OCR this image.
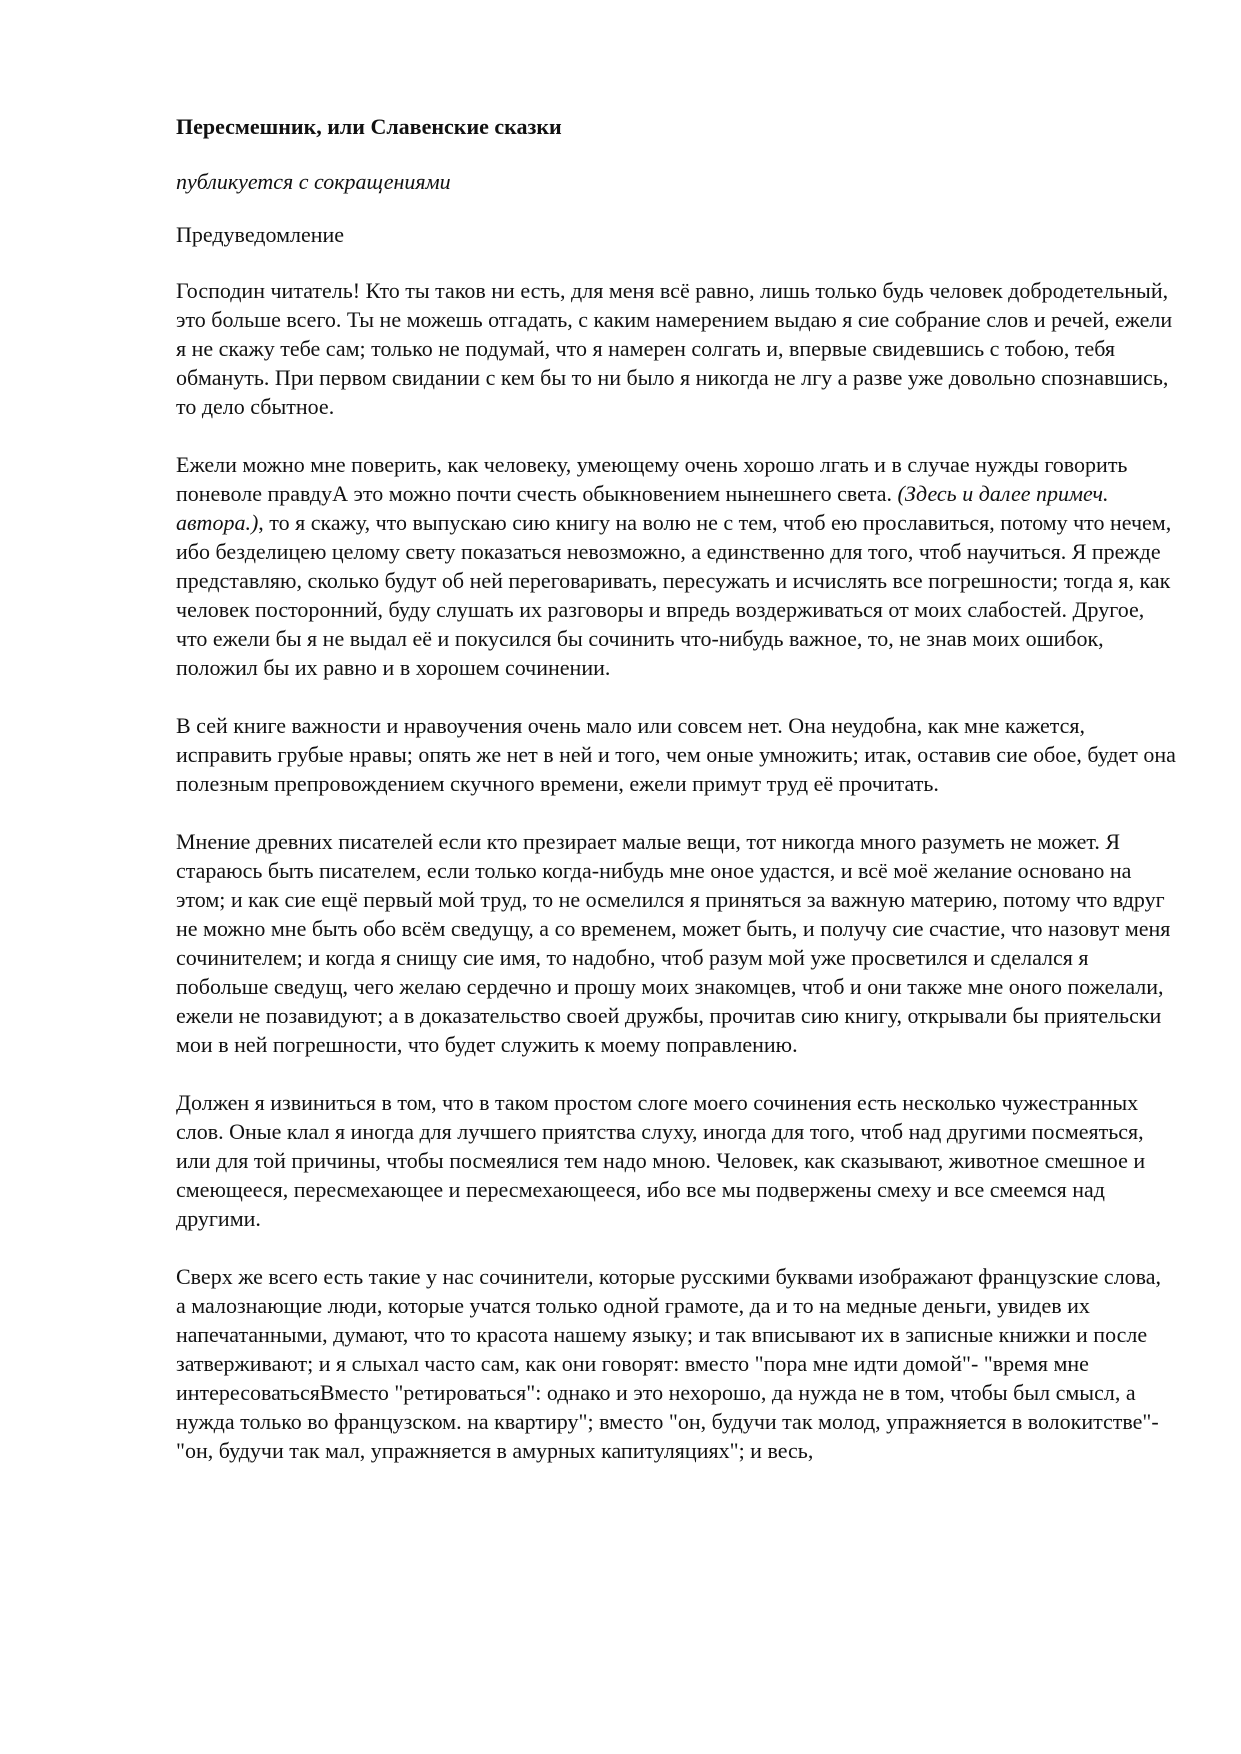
Пересмешник, или Славенские сказки
публикуется с сокращениями
Предуведомление

Господин читатель! Кто ты таков ни есть, для меня всё равно, лишь только будь человек добродетельный, это больше всего. Ты не можешь отгадать, с каким намерением выдаю я сие собрание слов и речей, ежели я не скажу тебе сам; только не подумай, что я намерен солгать и, впервые свидевшись с тобою, тебя обмануть. При первом свидании с кем бы то ни было я никогда не лгу а разве уже довольно спознавшись, то дело сбытное.

Ежели можно мне поверить, как человеку, умеющему очень хорошо лгать и в случае нужды говорить поневоле правдуА это можно почти счесть обыкновением нынешнего света. (Здесь и далее примеч. автора.), то я скажу, что выпускаю сию книгу на волю не с тем, чтоб ею прославиться, потому что нечем, ибо безделицею целому свету показаться невозможно, а единственно для того, чтоб научиться. Я прежде представляю, сколько будут об ней переговаривать, пересужать и исчислять все погрешности; тогда я, как человек посторонний, буду слушать их разговоры и впредь воздерживаться от моих слабостей. Другое, что ежели бы я не выдал её и покусился бы сочинить что-нибудь важное, то, не знав моих ошибок, положил бы их равно и в хорошем сочинении.

В сей книге важности и нравоучения очень мало или совсем нет. Она неудобна, как мне кажется, исправить грубые нравы; опять же нет в ней и того, чем оные умножить; итак, оставив сие обое, будет она полезным препровождением скучного времени, ежели примут труд её прочитать.

Мнение древних писателей если кто презирает малые вещи, тот никогда много разуметь не может. Я стараюсь быть писателем, если только когда-нибудь мне оное удастся, и всё моё желание основано на этом; и как сие ещё первый мой труд, то не осмелился я приняться за важную материю, потому что вдруг не можно мне быть обо всём сведущу, а со временем, может быть, и получу сие счастие, что назовут меня сочинителем; и когда я снищу сие имя, то надобно, чтоб разум мой уже просветился и сделался я побольше сведущ, чего желаю сердечно и прошу моих знакомцев, чтоб и они также мне оного пожелали, ежели не позавидуют; а в доказательство своей дружбы, прочитав сию книгу, открывали бы приятельски мои в ней погрешности, что будет служить к моему поправлению.

Должен я извиниться в том, что в таком простом слоге моего сочинения есть несколько чужестранных слов. Оные клал я иногда для лучшего приятства слуху, иногда для того, чтоб над другими посмеяться, или для той причины, чтобы посмеялися тем надо мною. Человек, как сказывают, животное смешное и смеющееся, пересмехающее и пересмехающееся, ибо все мы подвержены смеху и все смеемся над другими.

Сверх же всего есть такие у нас сочинители, которые русскими буквами изображают французские слова, а малознающие люди, которые учатся только одной грамоте, да и то на медные деньги, увидев их напечатанными, думают, что то красота нашему языку; и так вписывают их в записные книжки и после затверживают; и я слыхал часто сам, как они говорят: вместо "пора мне идти домой"- "время мне интересоватьсяВместо "ретироваться": однако и это нехорошо, да нужда не в том, чтобы был смысл, а нужда только во французском. на квартиру"; вместо "он, будучи так молод, упражняется в волокитстве"- "он, будучи так мал, упражняется в амурных капитуляциях"; и весь,
